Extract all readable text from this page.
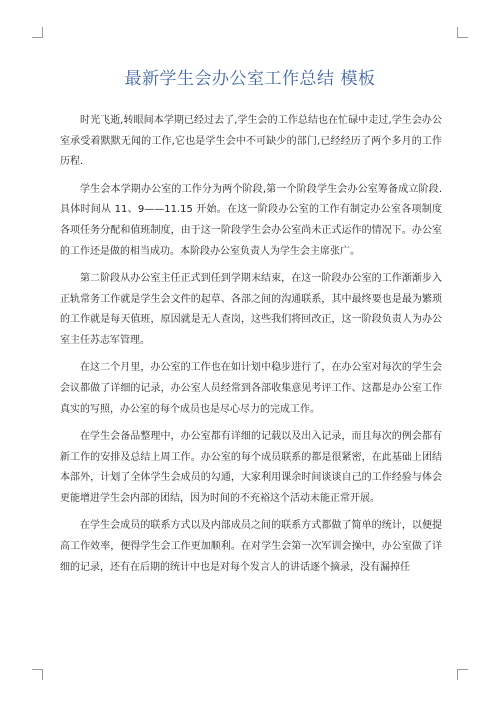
最新学生会办公室工作总结 模板

时光飞逝,转眼间本学期已经过去了,学生会的工作总结也在忙碌中走过,学生会办公室承受着默默无闻的工作,它也是学生会中不可缺少的部门,已经经历了两个多月的工作历程.

学生会本学期办公室的工作分为两个阶段,第一个阶段学生会办公室筹备成立阶段.具体时间从 11、9——11.15 开始。在这一阶段办公室的工作有制定办公室各项制度各项任务分配和值班制度，由于这一阶段学生会办公室尚未正式运作的情况下。办公室的工作还是做的相当成功。本阶段办公室负责人为学生会主席张广。

第二阶段从办公室主任正式到任到学期末结束，在这一阶段办公室的工作渐渐步入正轨常务工作就是学生会文件的起草、各部之间的沟通联系，其中最终要也是最为繁琐的工作就是每天值班，原因就是无人查岗，这些我们将回改正，这一阶段负责人为办公室主任苏志军管理。

在这二个月里，办公室的工作也在如计划中稳步进行了，在办公室对每次的学生会会议都做了详细的记录，办公室人员经常到各部收集意见考评工作、这都是办公室工作真实的写照，办公室的每个成员也是尽心尽力的完成工作。

在学生会备品整理中，办公室都有详细的记载以及出入记录，而且每次的例会都有新工作的安排及总结上周工作。办公室的每个成员联系的都是很紧密，在此基础上团结本部外，计划了全体学生会成员的勾通，大家利用课余时间谈谈自己的工作经验与体会更能增进学生会内部的团结，因为时间的不充裕这个活动未能正常开展。

在学生会成员的联系方式以及内部成员之间的联系方式都做了简单的统计，以便提高工作效率，便得学生会工作更加顺利。在对学生会第一次军训会操中，办公室做了详细的记录，还有在后期的统计中也是对每个发言人的讲话逐个摘录，没有漏掉任
